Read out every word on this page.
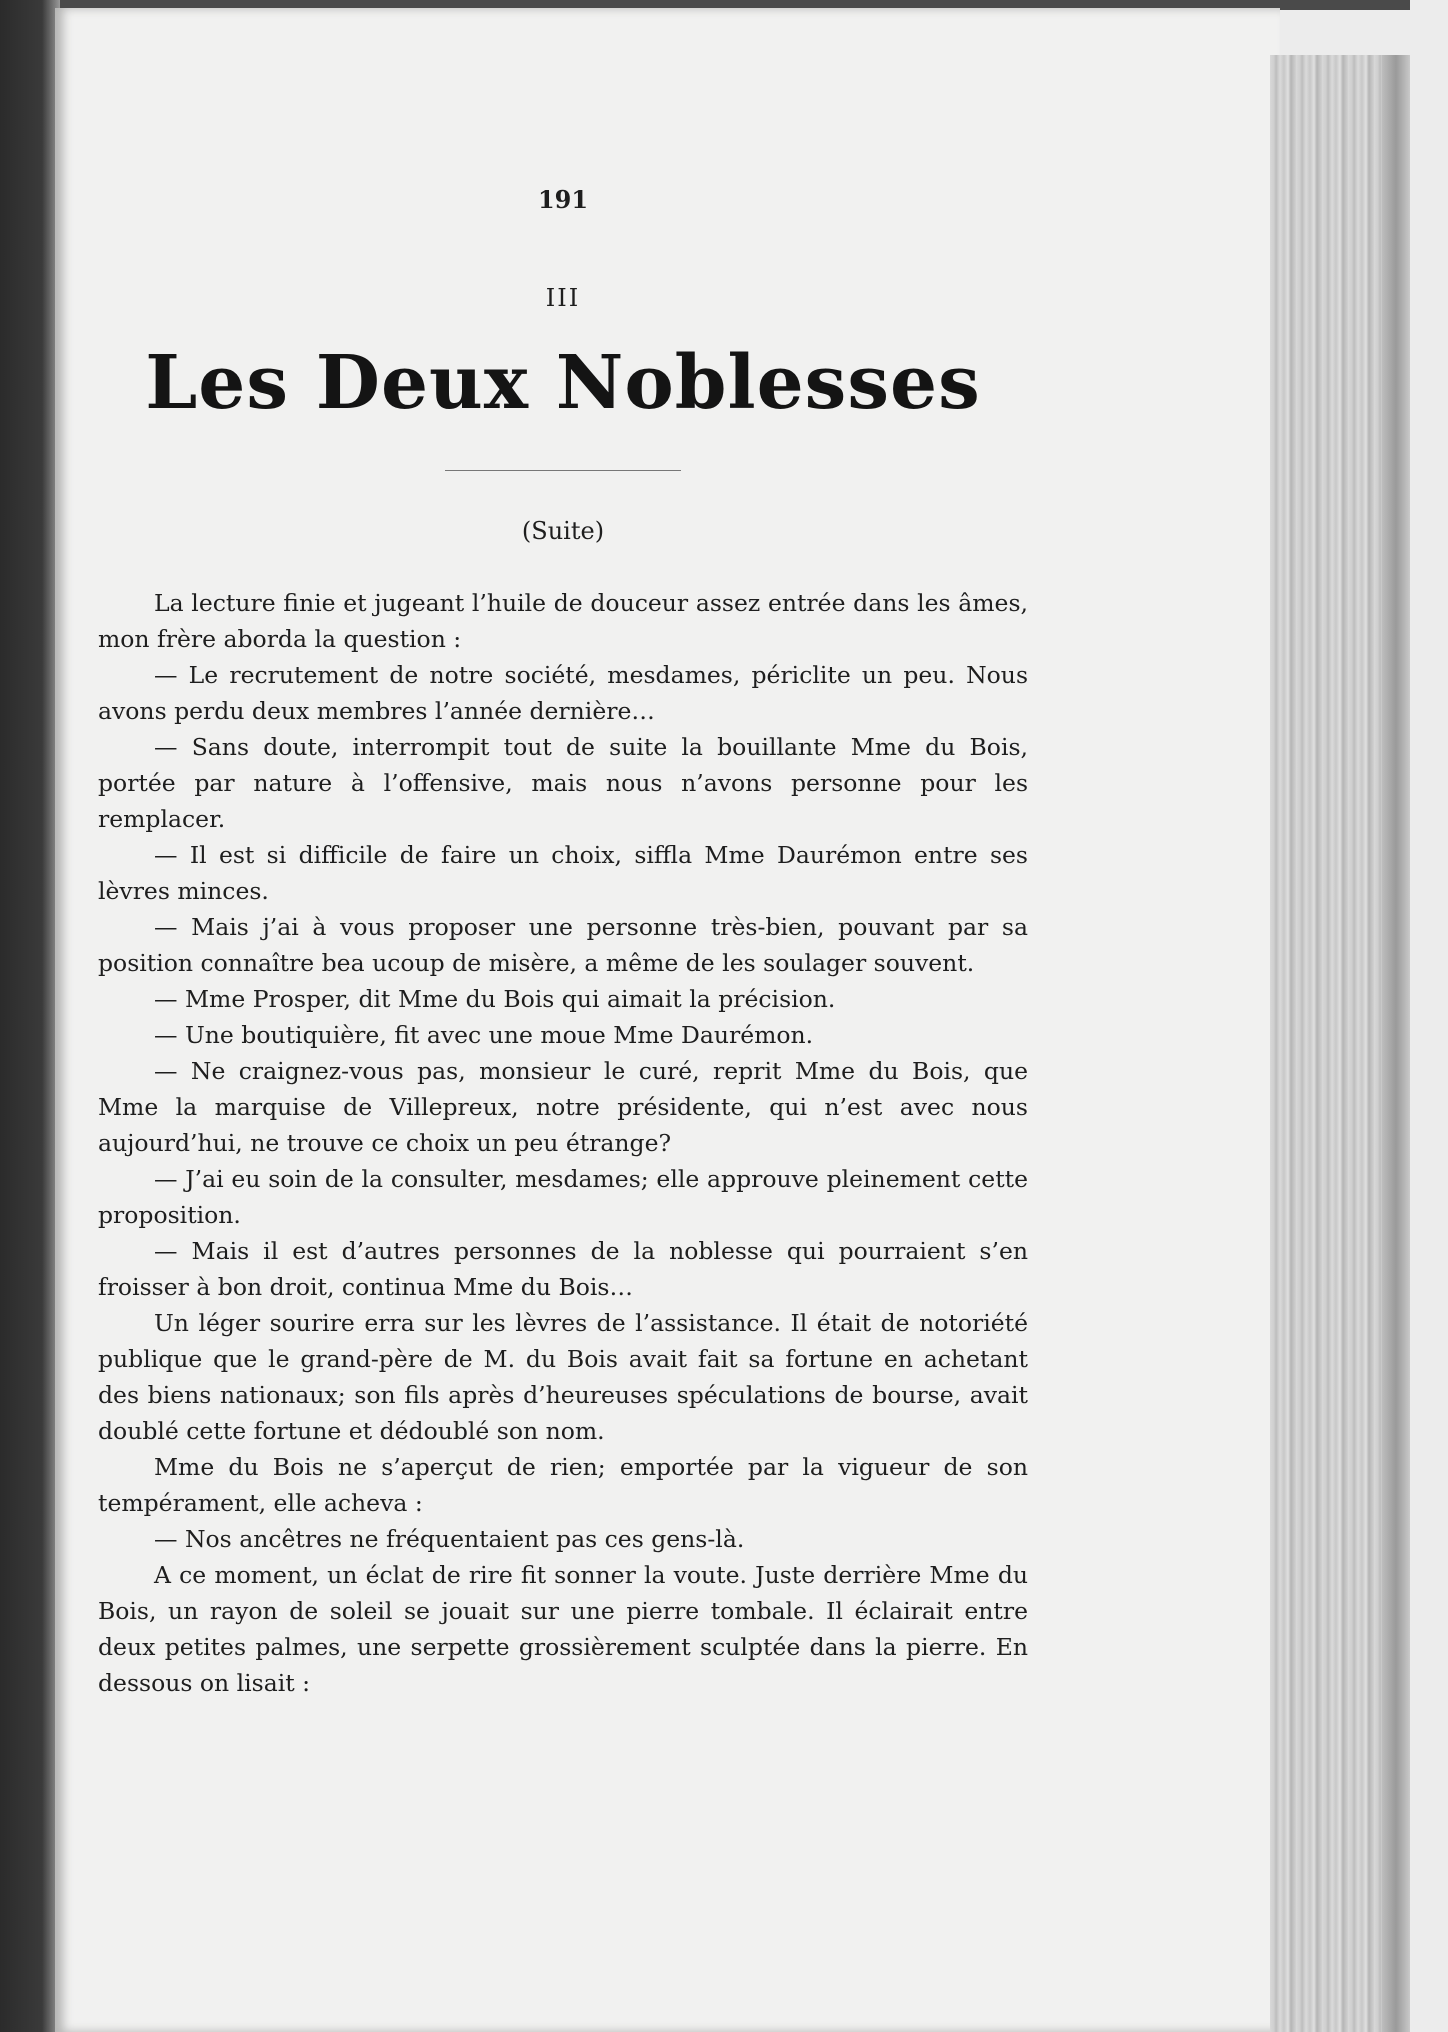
191

III

Les Deux Noblesses

(Suite)

La lecture finie et jugeant l’huile de douceur assez entrée dans les âmes, mon frère aborda la question :

— Le recrutement de notre société, mesdames, périclite un peu. Nous avons perdu deux membres l’année dernière…

— Sans doute, interrompit tout de suite la bouillante Mme du Bois, portée par nature à l’offensive, mais nous n’avons personne pour les remplacer.

— Il est si difficile de faire un choix, siffla Mme Daurémon entre ses lèvres minces.

— Mais j’ai à vous proposer une personne très-bien, pouvant par sa position connaître bea ucoup de misère, a même de les soulager souvent.

— Mme Prosper, dit Mme du Bois qui aimait la précision.

— Une boutiquière, fit avec une moue Mme Daurémon.

— Ne craignez-vous pas, monsieur le curé, reprit Mme du Bois, que Mme la marquise de Villepreux, notre présidente, qui n’est avec nous aujourd’hui, ne trouve ce choix un peu étrange?

— J’ai eu soin de la consulter, mesdames; elle approuve pleinement cette proposition.

— Mais il est d’autres personnes de la noblesse qui pourraient s’en froisser à bon droit, continua Mme du Bois…

Un léger sourire erra sur les lèvres de l’assistance. Il était de notoriété publique que le grand-père de M. du Bois avait fait sa fortune en achetant des biens nationaux; son fils après d’heureuses spéculations de bourse, avait doublé cette fortune et dédoublé son nom.

Mme du Bois ne s’aperçut de rien; emportée par la vigueur de son tempérament, elle acheva :

— Nos ancêtres ne fréquentaient pas ces gens-là.

A ce moment, un éclat de rire fit sonner la voute. Juste derrière Mme du Bois, un rayon de soleil se jouait sur une pierre tombale. Il éclairait entre deux petites palmes, une serpette grossièrement sculptée dans la pierre. En dessous on lisait :
